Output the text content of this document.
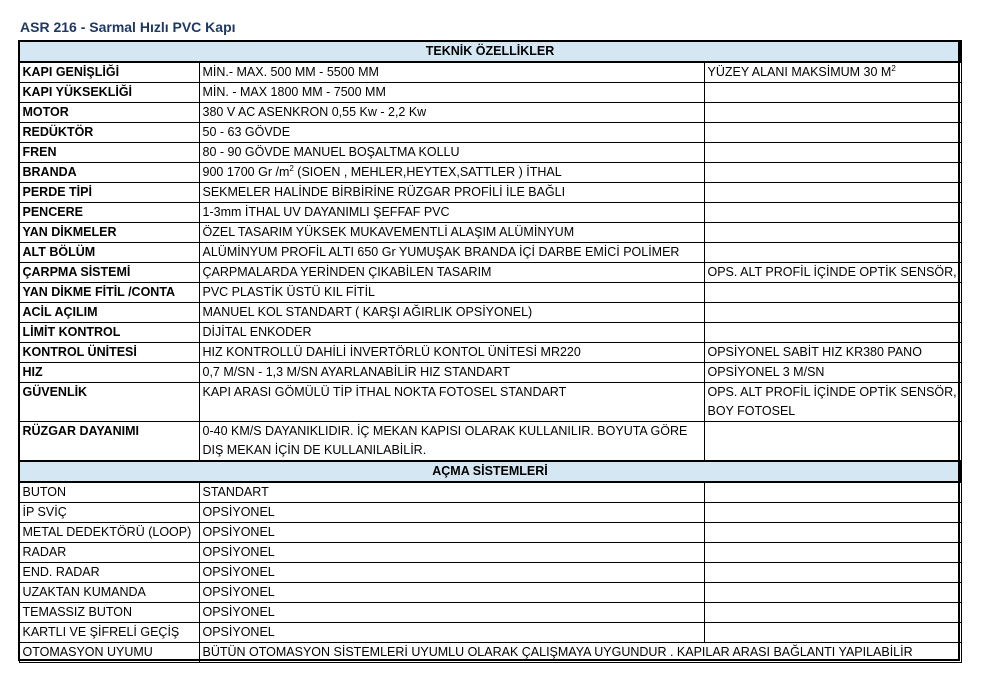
ASR 216 - Sarmal Hızlı PVC Kapı
TEKNİK ÖZELLİKLER		
KAPI GENİŞLİĞİ	MİN.- MAX. 500 MM - 5500 MM	YÜZEY ALANI MAKSİMUM 30 $M^2$
KAPI YÜKSEKLİĞİ	MİN. - MAX 1800 MM - 7500 MM	
MOTOR	380 V AC ASENKRON 0,55 Kw - 2,2 Kw	
REDÜKTÖR	50 - 63 GÖVDE	
FREN	80 - 90 GÖVDE MANUEL BOŞALTMA KOLLU	
BRANDA	900 1700 Gr $/m^2$ (SIOEN , MEHLER,HEYTEX,SATTLER ) İTHAL	
PERDE TİPİ	SEKMELER HALİNDE BİRBİRİNE RÜZGAR PROFİLİ İLE BAĞLI	
PENCERE	1-3mm İTHAL UV DAYANIMLI ŞEFFAF PVC	
YAN DİKMELER	ÖZEL TASARIM YÜKSEK MUKAVEMENTLİ ALAŞIM ALÜMİNYUM	
ALT BÖLÜM	ALÜMİNYUM PROFİL ALTI 650 Gr YUMUŞAK BRANDA İÇİ DARBE EMİCİ POLİMER	
ÇARPMA SİSTEMİ	ÇARPMALARDA YERİNDEN ÇIKABİLEN TASARIM	OPS. ALT PROFİL İÇİNDE OPTİK SENSÖR,
YAN DİKME FİTİL /CONTA	PVC PLASTİK ÜSTÜ KIL FİTİL	
ACİL AÇILIM	MANUEL KOL STANDART ( KARŞI AĞIRLIK OPSİYONEL)	
LİMİT KONTROL	DİJİTAL ENKODER	
KONTROL ÜNİTESİ	HIZ KONTROLLÜ DAHİLİ İNVERTÖRLÜ KONTOL ÜNİTESİ MR220	OPSİYONEL SABİT HIZ KR380 PANO
HIZ	0,7 M/SN - 1,3 M/SN AYARLANABİLİR HIZ STANDART	OPSİYONEL 3 M/SN
GÜVENLİK	KAPI ARASI GÖMÜLÜ TİP İTHAL NOKTA FOTOSEL STANDART	OPS. ALT PROFİL İÇİNDE OPTİK SENSÖR, BOY FOTOSEL
RÜZGAR DAYANIMI	0-40 KM/S DAYANIKLIDIR. İÇ MEKAN KAPISI OLARAK KULLANILIR. BOYUTA GÖRE DIŞ MEKAN İÇİN DE KULLANILABİLİR.	
AÇMA SİSTEMLERİ		
BUTON	STANDART	
İP SVİÇ	OPSİYONEL	
METAL DEDEKTÖRÜ (LOOP)	OPSİYONEL	
RADAR	OPSİYONEL	
END. RADAR	OPSİYONEL	
UZAKTAN KUMANDA	OPSİYONEL	
TEMASSIZ BUTON	OPSİYONEL	
KARTLI VE ŞİFRELİ GEÇİŞ	OPSİYONEL	
OTOMASYON UYUMU	BÜTÜN OTOMASYON SİSTEMLERİ UYUMLU OLARAK ÇALIŞMAYA UYGUNDUR . KAPILAR ARASI BAĞLANTI YAPILABİLİR	
